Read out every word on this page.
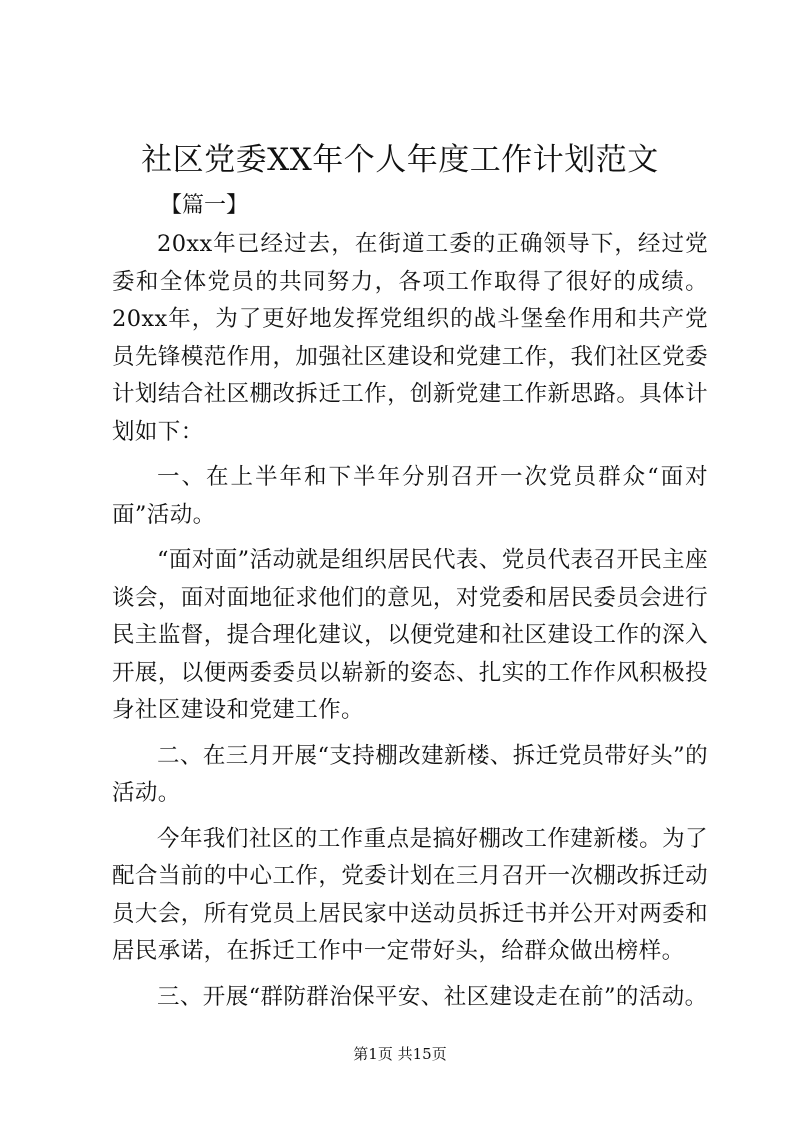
社区党委XX年个人年度工作计划范文

【篇一】

20xx年已经过去，在街道工委的正确领导下，经过党委和全体党员的共同努力，各项工作取得了很好的成绩。20xx年，为了更好地发挥党组织的战斗堡垒作用和共产党员先锋模范作用，加强社区建设和党建工作，我们社区党委计划结合社区棚改拆迁工作，创新党建工作新思路。具体计划如下：

一、在上半年和下半年分别召开一次党员群众“面对面”活动。

“面对面”活动就是组织居民代表、党员代表召开民主座谈会，面对面地征求他们的意见，对党委和居民委员会进行民主监督，提合理化建议，以便党建和社区建设工作的深入开展，以便两委委员以崭新的姿态、扎实的工作作风积极投身社区建设和党建工作。

二、在三月开展“支持棚改建新楼、拆迁党员带好头”的活动。

今年我们社区的工作重点是搞好棚改工作建新楼。为了配合当前的中心工作，党委计划在三月召开一次棚改拆迁动员大会，所有党员上居民家中送动员拆迁书并公开对两委和居民承诺，在拆迁工作中一定带好头，给群众做出榜样。

三、开展“群防群治保平安、社区建设走在前”的活动。

第1页 共15页
